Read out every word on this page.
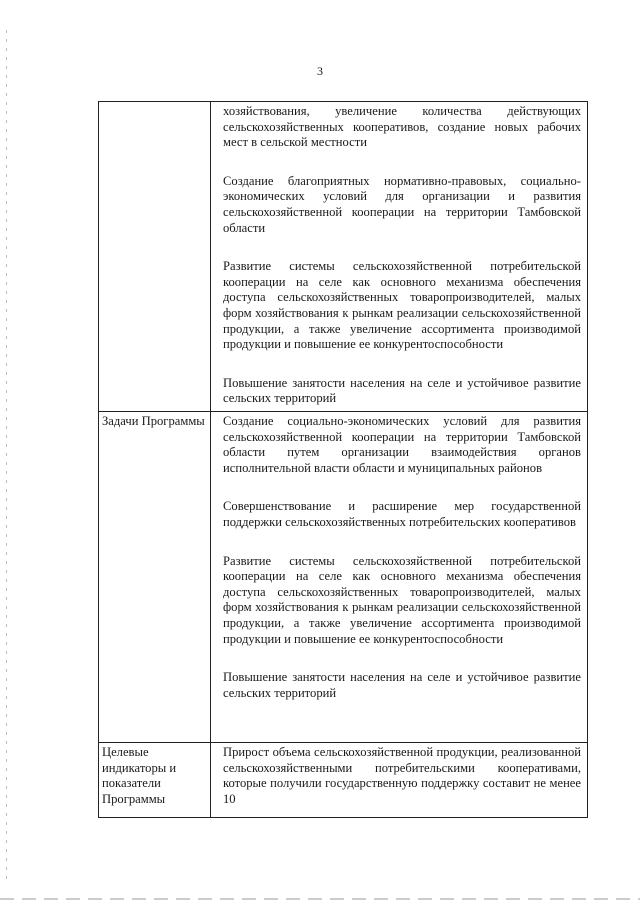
3

	хозяйствования, увеличение количества действующих сельскохозяйственных кооперативов, создание новых рабочих мест в сельской местности

Создание благоприятных нормативно-правовых, социально-экономических условий для организации и развития сельскохозяйственной кооперации на территории Тамбовской области

Развитие системы сельскохозяйственной потребительской кооперации на селе как основного механизма обеспечения доступа сельскохозяйственных товаропроизводителей, малых форм хозяйствования к рынкам реализации сельскохозяйственной продукции, а также увеличение ассортимента производимой продукции и повышение ее конкурентоспособности

Повышение занятости населения на селе и устойчивое развитие сельских территорий

Задачи Программы	Создание социально-экономических условий для развития сельскохозяйственной кооперации на территории Тамбовской области путем организации взаимодействия органов исполнительной власти области и муниципальных районов

Совершенствование и расширение мер государственной поддержки сельскохозяйственных потребительских кооперативов

Развитие системы сельскохозяйственной потребительской кооперации на селе как основного механизма обеспечения доступа сельскохозяйственных товаропроизводителей, малых форм хозяйствования к рынкам реализации сельскохозяйственной продукции, а также увеличение ассортимента производимой продукции и повышение ее конкурентоспособности

Повышение занятости населения на селе и устойчивое развитие сельских территорий

Целевые индикаторы и показатели Программы	Прирост объема сельскохозяйственной продукции, реализованной сельскохозяйственными потребительскими кооперативами, которые получили государственную поддержку составит не менее 10
